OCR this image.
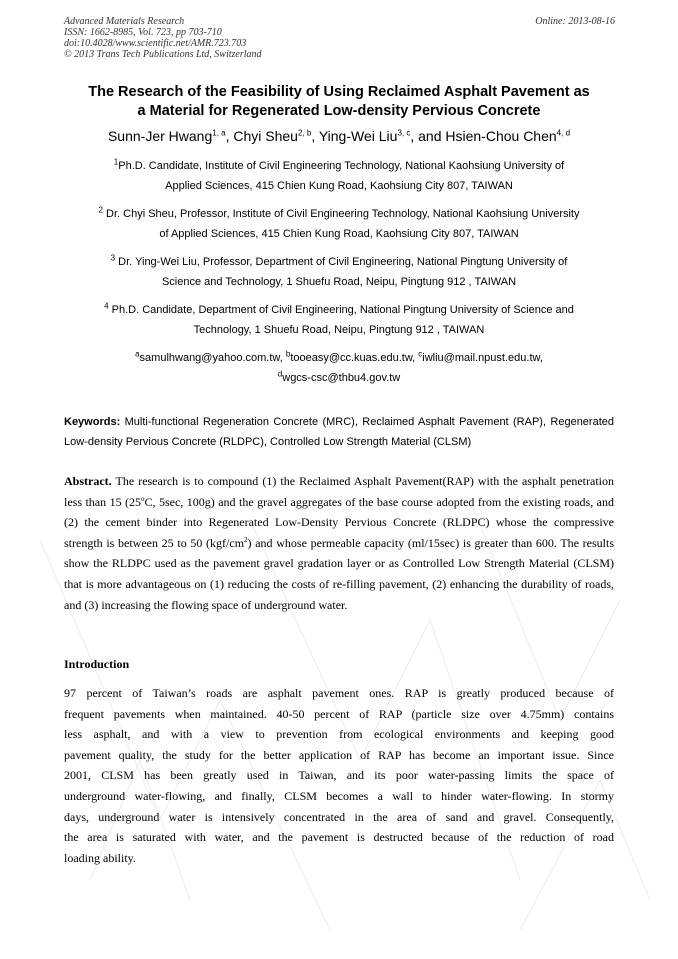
Advanced Materials Research
ISSN: 1662-8985, Vol. 723, pp 703-710
doi:10.4028/www.scientific.net/AMR.723.703
© 2013 Trans Tech Publications Ltd, Switzerland
Online: 2013-08-16
The Research of the Feasibility of Using Reclaimed Asphalt Pavement as
a Material for Regenerated Low-density Pervious Concrete
Sunn-Jer Hwang$^{1, a}$, Chyi Sheu$^{2, b}$, Ying-Wei Liu$^{3, c}$, and Hsien-Chou Chen$^{4, d}$
$^1$Ph.D. Candidate, Institute of Civil Engineering Technology, National Kaohsiung University of
Applied Sciences, 415 Chien Kung Road, Kaohsiung City 807, TAIWAN
$^2$ Dr. Chyi Sheu, Professor, Institute of Civil Engineering Technology, National Kaohsiung University
of Applied Sciences, 415 Chien Kung Road, Kaohsiung City 807, TAIWAN
$^3$ Dr. Ying-Wei Liu, Professor, Department of Civil Engineering, National Pingtung University of
Science and Technology, 1 Shuefu Road, Neipu, Pingtung 912 , TAIWAN
$^4$ Ph.D. Candidate, Department of Civil Engineering, National Pingtung University of Science and
Technology, 1 Shuefu Road, Neipu, Pingtung 912 , TAIWAN
$^a$samulhwang@yahoo.com.tw, $^b$tooeasy@cc.kuas.edu.tw, $^c$iwliu@mail.npust.edu.tw,
$^d$wgcs-csc@thbu4.gov.tw
Keywords: Multi-functional Regeneration Concrete (MRC), Reclaimed Asphalt Pavement (RAP), Regenerated Low-density Pervious Concrete (RLDPC), Controlled Low Strength Material (CLSM)
Abstract. The research is to compound (1) the Reclaimed Asphalt Pavement(RAP) with the asphalt penetration less than 15 (25$^o$C, 5sec, 100g) and the gravel aggregates of the base course adopted from the existing roads, and (2) the cement binder into Regenerated Low-Density Pervious Concrete (RLDPC) whose the compressive strength is between 25 to 50 $(kgf/cm^2)$ and whose permeable capacity (ml/15sec) is greater than 600. The results show the RLDPC used as the pavement gravel gradation layer or as Controlled Low Strength Material (CLSM) that is more advantageous on (1) reducing the costs of re-filling pavement, (2) enhancing the durability of roads, and (3) increasing the flowing space of underground water.
Introduction
97 percent of Taiwan’s roads are asphalt pavement ones. RAP is greatly produced because of
frequent pavements when maintained. 40-50 percent of RAP (particle size over 4.75mm) contains
less asphalt, and with a view to prevention from ecological environments and keeping good
pavement quality, the study for the better application of RAP has become an important issue. Since
2001, CLSM has been greatly used in Taiwan, and its poor water-passing limits the space of
underground water-flowing, and finally, CLSM becomes a wall to hinder water-flowing. In stormy
days, underground water is intensively concentrated in the area of sand and gravel. Consequently,
the area is saturated with water, and the pavement is destructed because of the reduction of road
loading ability.
